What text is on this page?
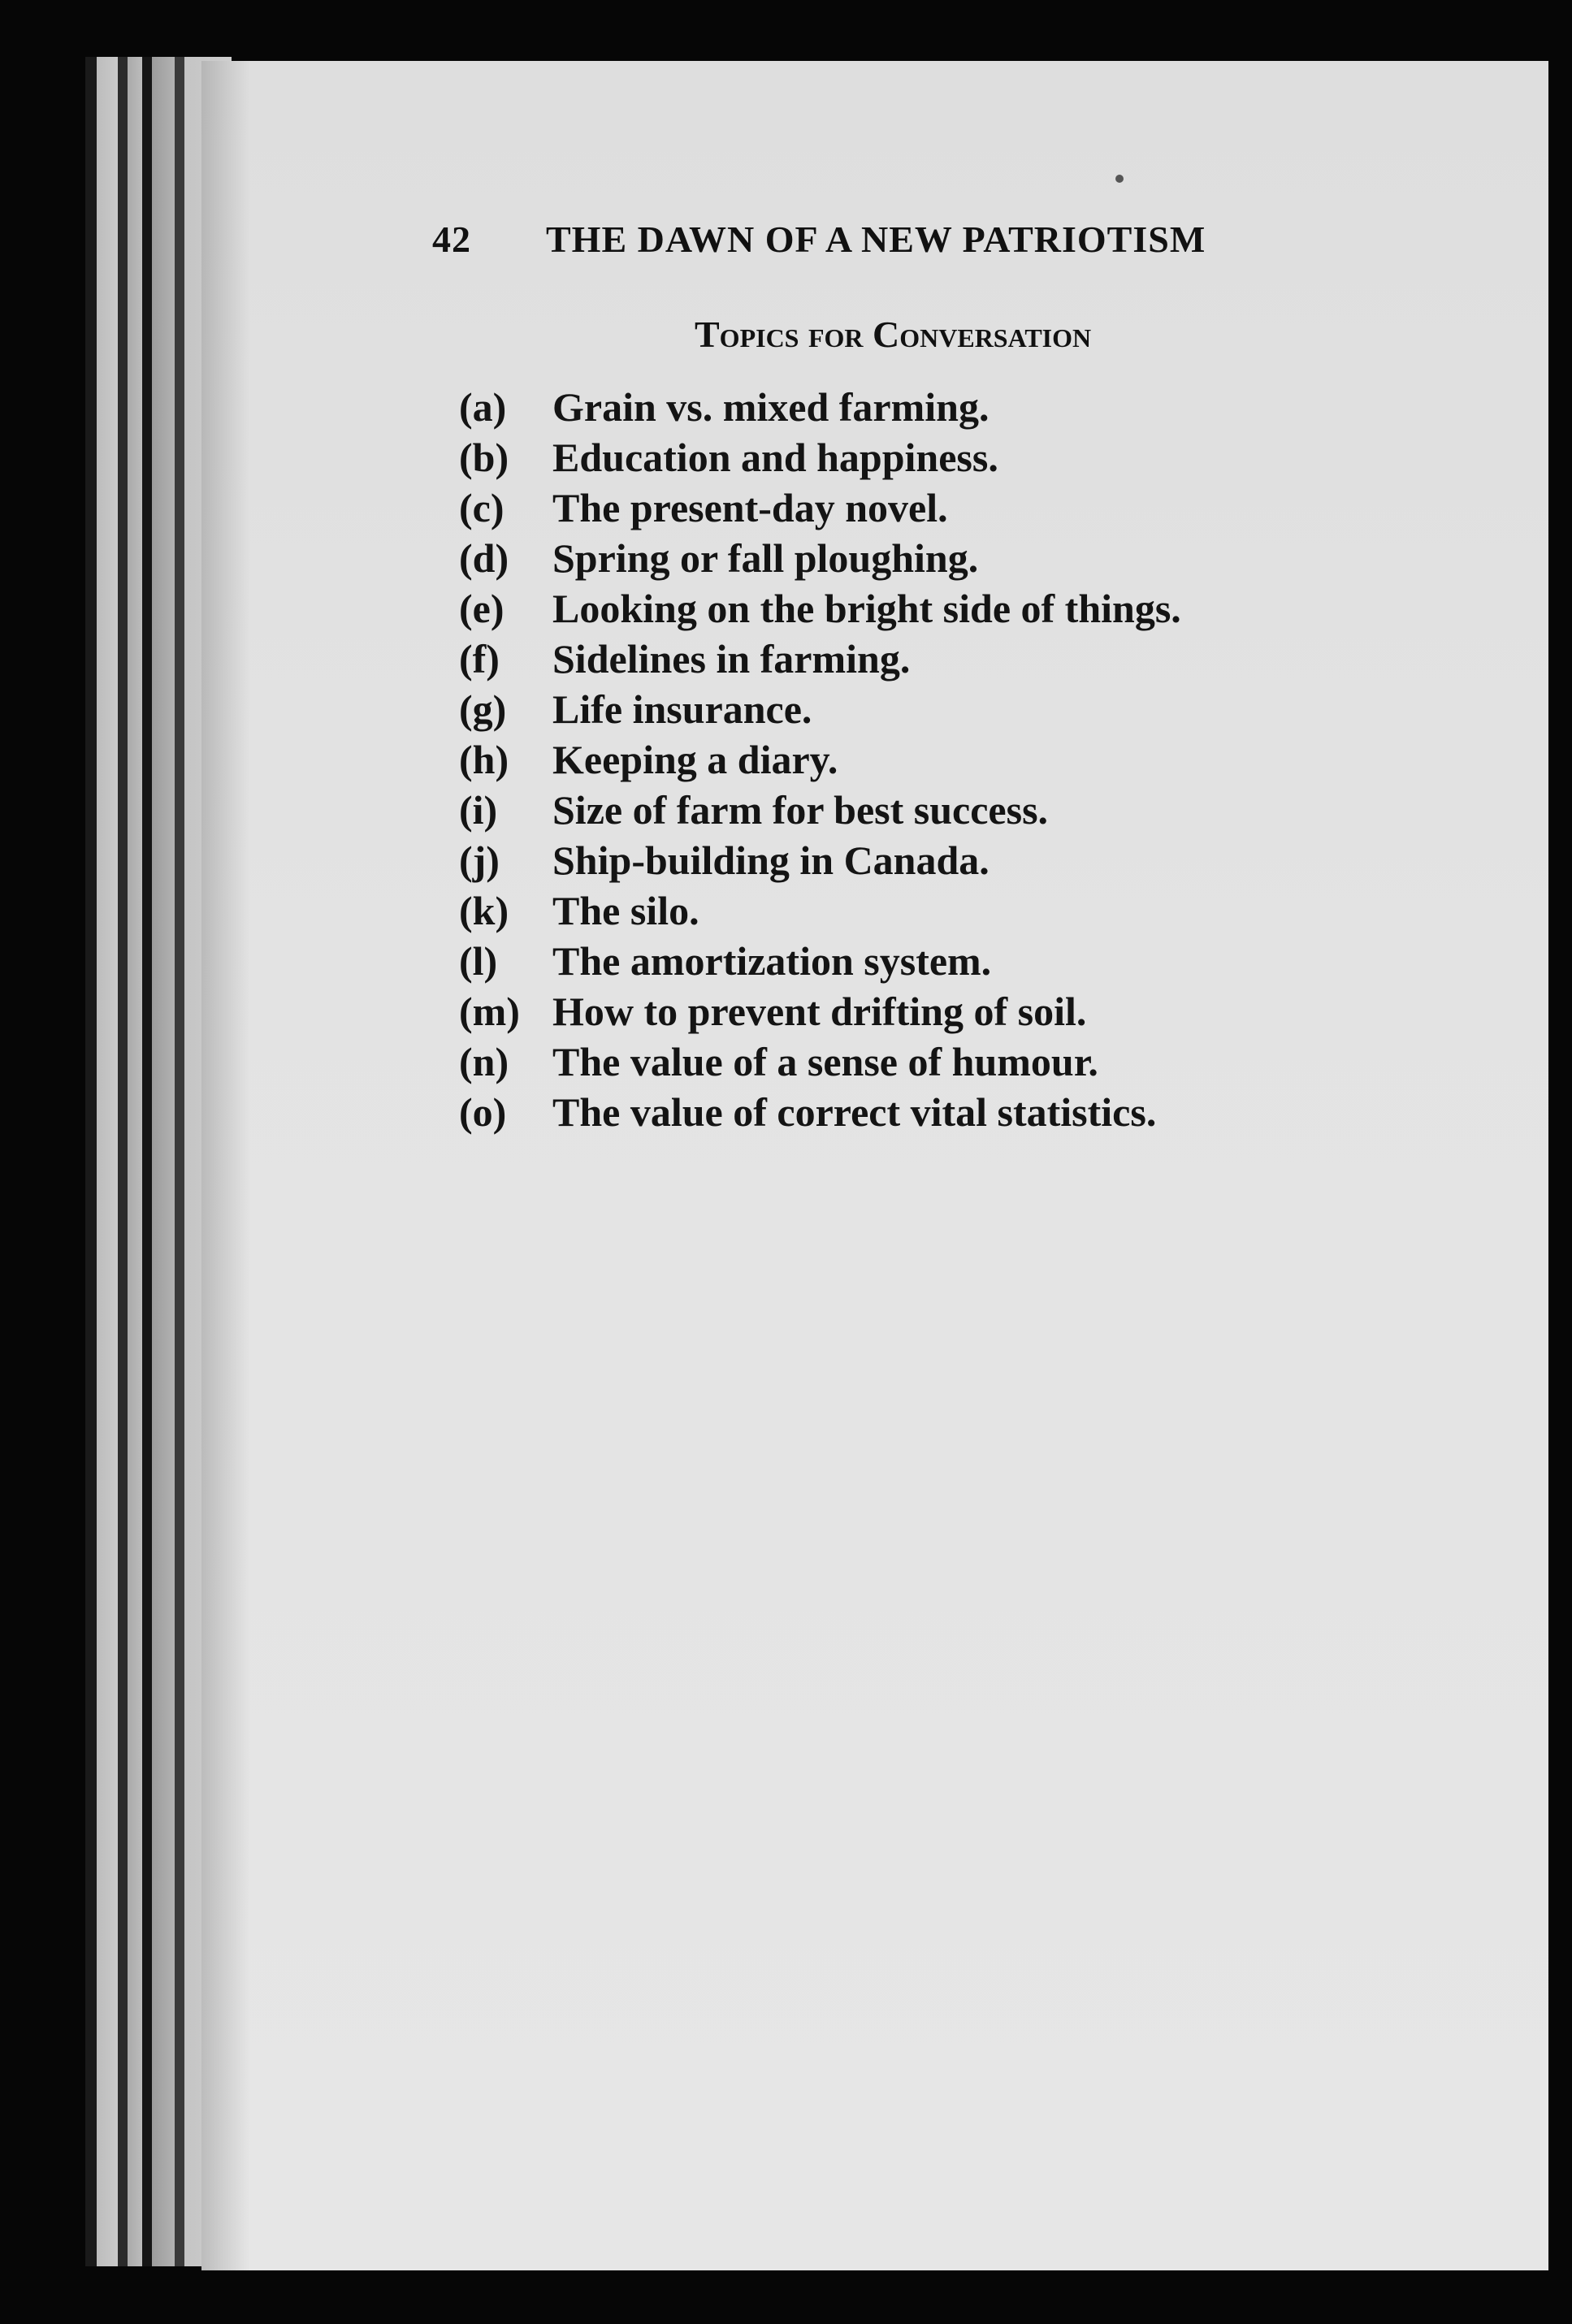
42 THE DAWN OF A NEW PATRIOTISM
Topics for Conversation
(a) Grain vs. mixed farming.
(b) Education and happiness.
(c) The present-day novel.
(d) Spring or fall ploughing.
(e) Looking on the bright side of things.
(f) Sidelines in farming.
(g) Life insurance.
(h) Keeping a diary.
(i) Size of farm for best success.
(j) Ship-building in Canada.
(k) The silo.
(l) The amortization system.
(m) How to prevent drifting of soil.
(n) The value of a sense of humour.
(o) The value of correct vital statistics.
